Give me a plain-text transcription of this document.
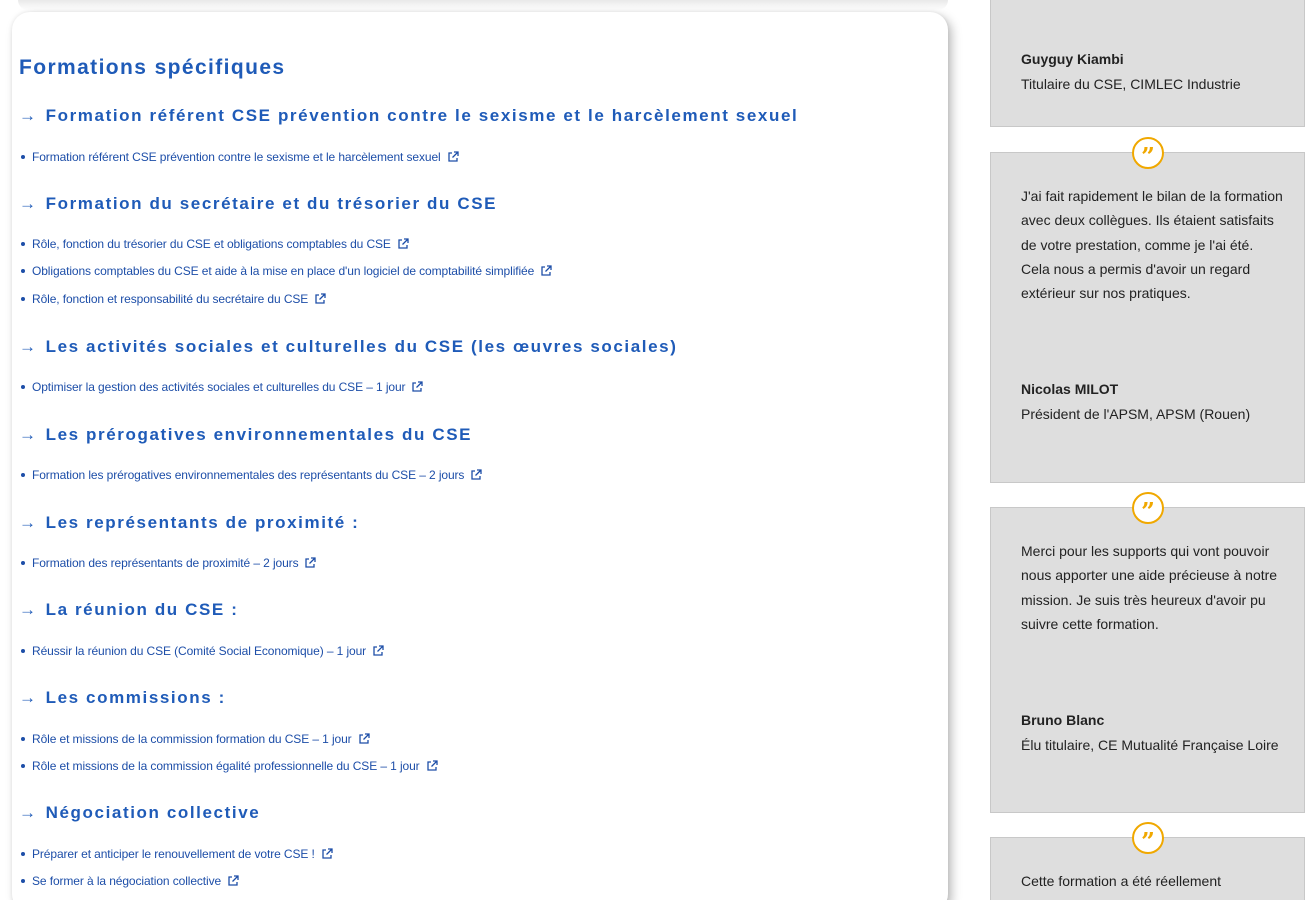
Formations spécifiques
→ Formation référent CSE prévention contre le sexisme et le harcèlement sexuel
Formation référent CSE prévention contre le sexisme et le harcèlement sexuel
→ Formation du secrétaire et du trésorier du CSE
Rôle, fonction du trésorier du CSE et obligations comptables du CSE
Obligations comptables du CSE et aide à la mise en place d'un logiciel de comptabilité simplifiée
Rôle, fonction et responsabilité du secrétaire du CSE
→ Les activités sociales et culturelles du CSE (les œuvres sociales)
Optimiser la gestion des activités sociales et culturelles du CSE – 1 jour
→ Les prérogatives environnementales du CSE
Formation les prérogatives environnementales des représentants du CSE – 2 jours
→ Les représentants de proximité :
Formation des représentants de proximité – 2 jours
→ La réunion du CSE :
Réussir la réunion du CSE (Comité Social Economique) – 1 jour
→ Les commissions :
Rôle et missions de la commission formation du CSE – 1 jour
Rôle et missions de la commission égalité professionnelle du CSE – 1 jour
→ Négociation collective
Préparer et anticiper le renouvellement de votre CSE !
Se former à la négociation collective

Guyguy Kiambi

Titulaire du CSE, CIMLEC Industrie

”

J'ai fait rapidement le bilan de la formation avec deux collègues. Ils étaient satisfaits de votre prestation, comme je l'ai été. Cela nous a permis d'avoir un regard extérieur sur nos pratiques.

Nicolas MILOT

Président de l'APSM, APSM (Rouen)

”

Merci pour les supports qui vont pouvoir nous apporter une aide précieuse à notre mission. Je suis très heureux d'avoir pu suivre cette formation.

Bruno Blanc

Élu titulaire, CE Mutualité Française Loire

”

Cette formation a été réellement
